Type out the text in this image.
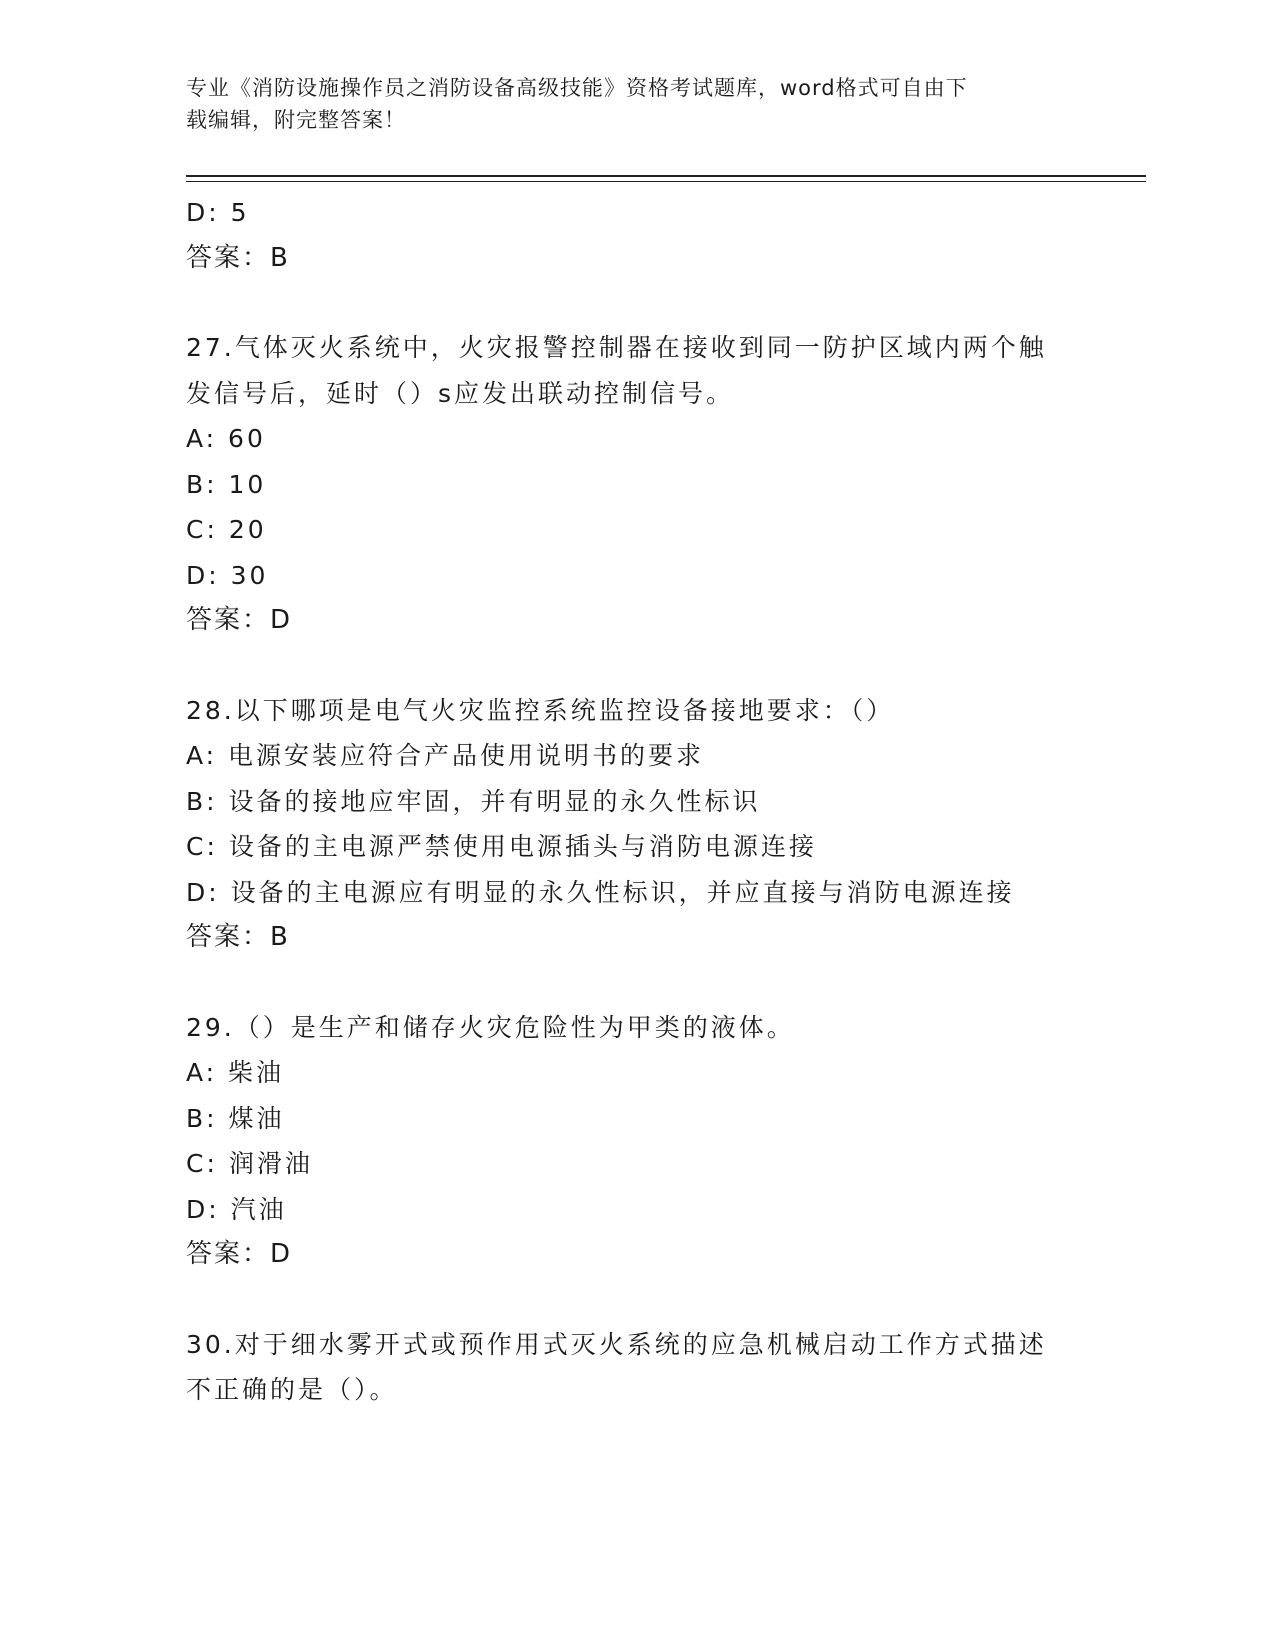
专业《消防设施操作员之消防设备高级技能》资格考试题库，word格式可自由下
载编辑，附完整答案！
D: 5
答案：B
27.气体灭火系统中，火灾报警控制器在接收到同一防护区域内两个触
发信号后，延时（）s应发出联动控制信号。
A: 60
B: 10
C: 20
D: 30
答案：D
28.以下哪项是电气火灾监控系统监控设备接地要求：（）
A: 电源安装应符合产品使用说明书的要求
B: 设备的接地应牢固，并有明显的永久性标识
C: 设备的主电源严禁使用电源插头与消防电源连接
D: 设备的主电源应有明显的永久性标识，并应直接与消防电源连接
答案：B
29.（）是生产和储存火灾危险性为甲类的液体。
A: 柴油
B: 煤油
C: 润滑油
D: 汽油
答案：D
30.对于细水雾开式或预作用式灭火系统的应急机械启动工作方式描述
不正确的是（）。
